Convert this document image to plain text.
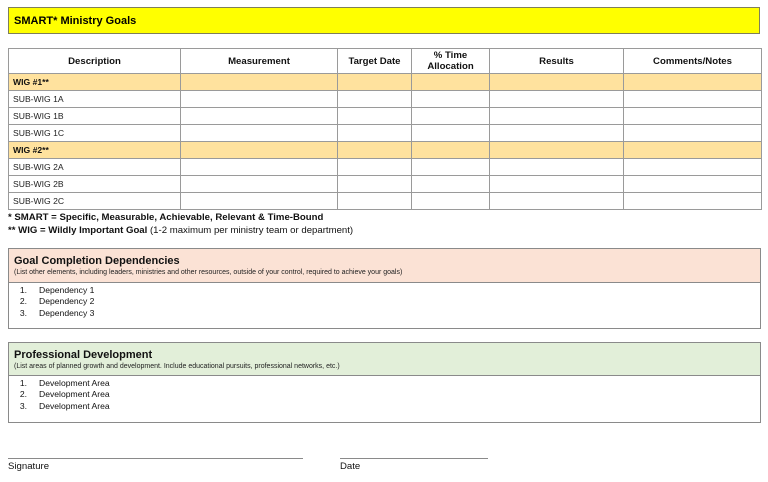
SMART* Ministry Goals
Description	Measurement	Target Date	% Time Allocation	Results	Comments/Notes
WIG #1**					
SUB-WIG 1A					
SUB-WIG 1B					
SUB-WIG 1C					
WIG #2**					
SUB-WIG 2A					
SUB-WIG 2B					
SUB-WIG 2C					
* SMART = Specific, Measurable, Achievable, Relevant & Time-Bound
** WIG = Wildly Important Goal (1-2 maximum per ministry team or department)
Goal Completion Dependencies
(List other elements, including leaders, ministries and other resources, outside of your control, required to achieve your goals)
1.	Dependency 1
2.	Dependency 2
3.	Dependency 3
Professional Development
(List areas of planned growth and development. Include educational pursuits, professional networks, etc.)
1.	Development Area
2.	Development Area
3.	Development Area
Signature	Date
